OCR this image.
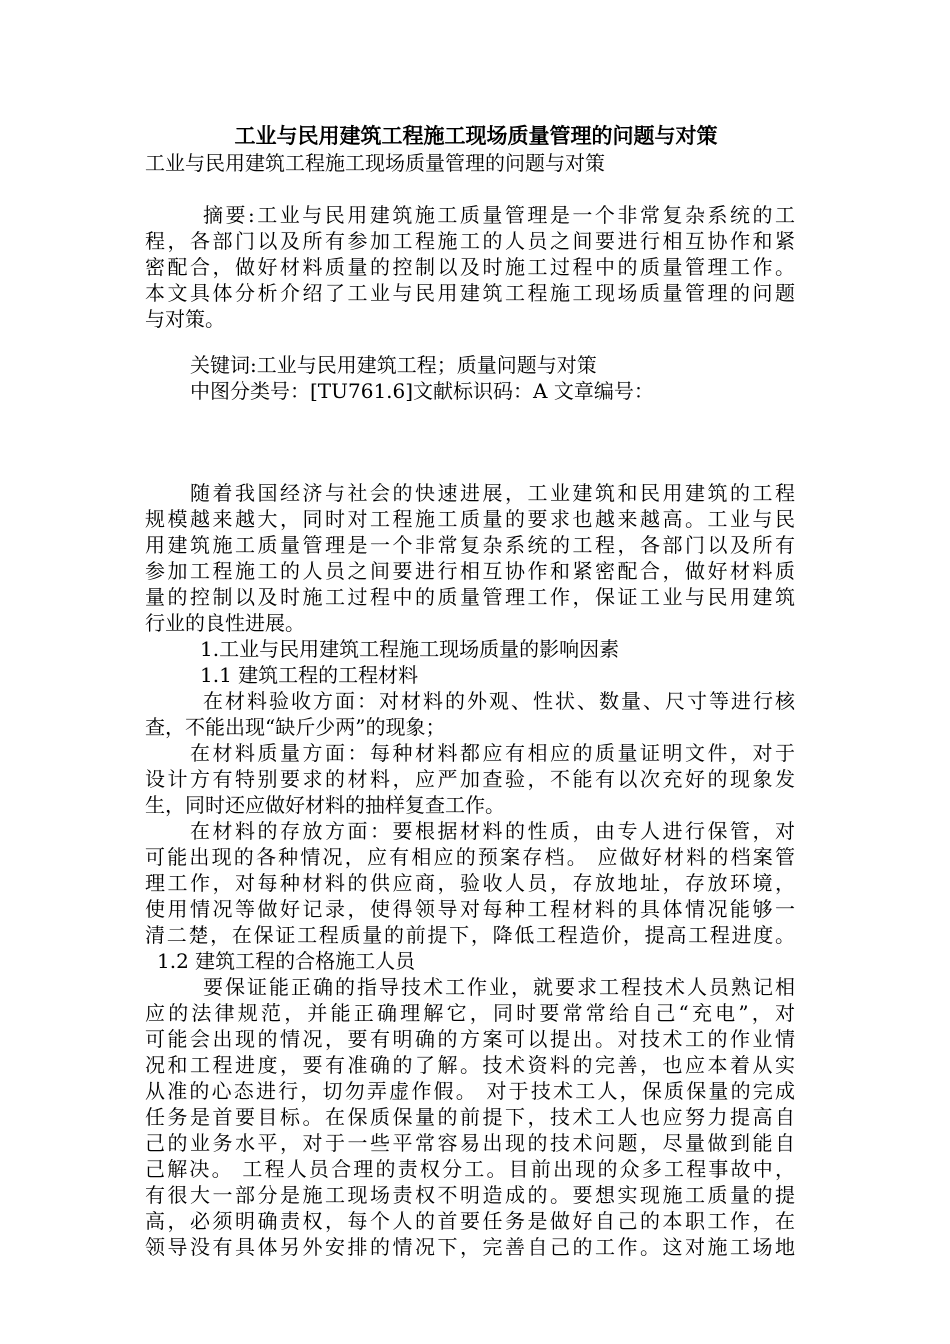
工业与民用建筑工程施工现场质量管理的问题与对策
工业与民用建筑工程施工现场质量管理的问题与对策
摘要:工业与民用建筑施工质量管理是一个非常复杂系统的工
程，各部门以及所有参加工程施工的人员之间要进行相互协作和紧
密配合，做好材料质量的控制以及时施工过程中的质量管理工作。
本文具体分析介绍了工业与民用建筑工程施工现场质量管理的问题
与对策。
关键词:工业与民用建筑工程；质量问题与对策
中图分类号：[TU761.6]文献标识码：A 文章编号：
随着我国经济与社会的快速进展，工业建筑和民用建筑的工程
规模越来越大，同时对工程施工质量的要求也越来越高。工业与民
用建筑施工质量管理是一个非常复杂系统的工程，各部门以及所有
参加工程施工的人员之间要进行相互协作和紧密配合，做好材料质
量的控制以及时施工过程中的质量管理工作，保证工业与民用建筑
行业的良性进展。
1.工业与民用建筑工程施工现场质量的影响因素
1.1 建筑工程的工程材料
在材料验收方面：对材料的外观、性状、数量、尺寸等进行核
查，不能出现“缺斤少两”的现象；
在材料质量方面：每种材料都应有相应的质量证明文件，对于
设计方有特别要求的材料，应严加查验，不能有以次充好的现象发
生，同时还应做好材料的抽样复查工作。
在材料的存放方面：要根据材料的性质，由专人进行保管，对
可能出现的各种情况，应有相应的预案存档。 应做好材料的档案管
理工作，对每种材料的供应商，验收人员，存放地址，存放环境，
使用情况等做好记录，使得领导对每种工程材料的具体情况能够一
清二楚，在保证工程质量的前提下，降低工程造价，提高工程进度。
1.2 建筑工程的合格施工人员
要保证能正确的指导技术工作业，就要求工程技术人员熟记相
应的法律规范，并能正确理解它，同时要常常给自己“充电”，对
可能会出现的情况，要有明确的方案可以提出。对技术工的作业情
况和工程进度，要有准确的了解。技术资料的完善，也应本着从实
从准的心态进行，切勿弄虚作假。 对于技术工人，保质保量的完成
任务是首要目标。在保质保量的前提下，技术工人也应努力提高自
己的业务水平，对于一些平常容易出现的技术问题，尽量做到能自
己解决。 工程人员合理的责权分工。目前出现的众多工程事故中，
有很大一部分是施工现场责权不明造成的。要想实现施工质量的提
高，必须明确责权，每个人的首要任务是做好自己的本职工作，在
领导没有具体另外安排的情况下，完善自己的工作。这对施工场地
